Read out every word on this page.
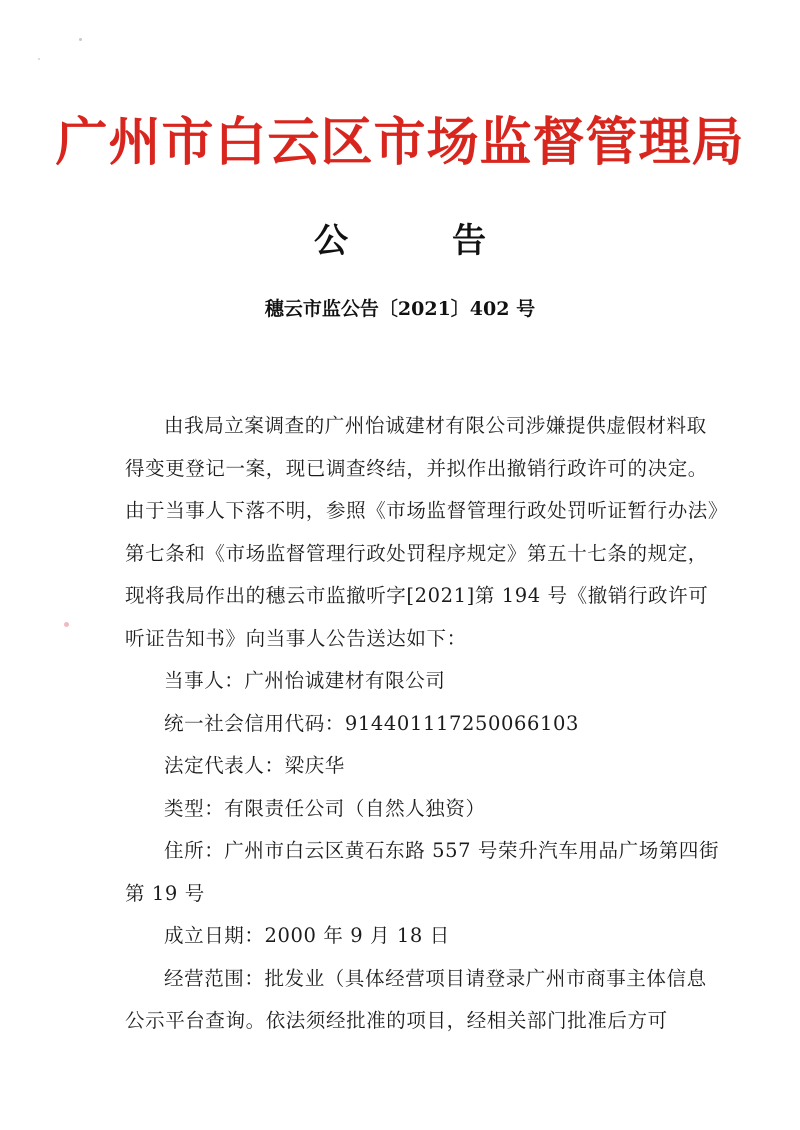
广州市白云区市场监督管理局
公告
穗云市监公告〔2021〕402 号

由我局立案调查的广州怡诚建材有限公司涉嫌提供虚假材料取得变更登记一案，现已调查终结，并拟作出撤销行政许可的决定。由于当事人下落不明，参照《市场监督管理行政处罚听证暂行办法》第七条和《市场监督管理行政处罚程序规定》第五十七条的规定，现将我局作出的穗云市监撤听字[2021]第 194 号《撤销行政许可听证告知书》向当事人公告送达如下：

当事人：广州怡诚建材有限公司

统一社会信用代码：914401117250066103

法定代表人：梁庆华

类型：有限责任公司（自然人独资）

住所：广州市白云区黄石东路 557 号荣升汽车用品广场第四街第 19 号

成立日期：2000 年 9 月 18 日

经营范围：批发业（具体经营项目请登录广州市商事主体信息公示平台查询。依法须经批准的项目，经相关部门批准后方可
